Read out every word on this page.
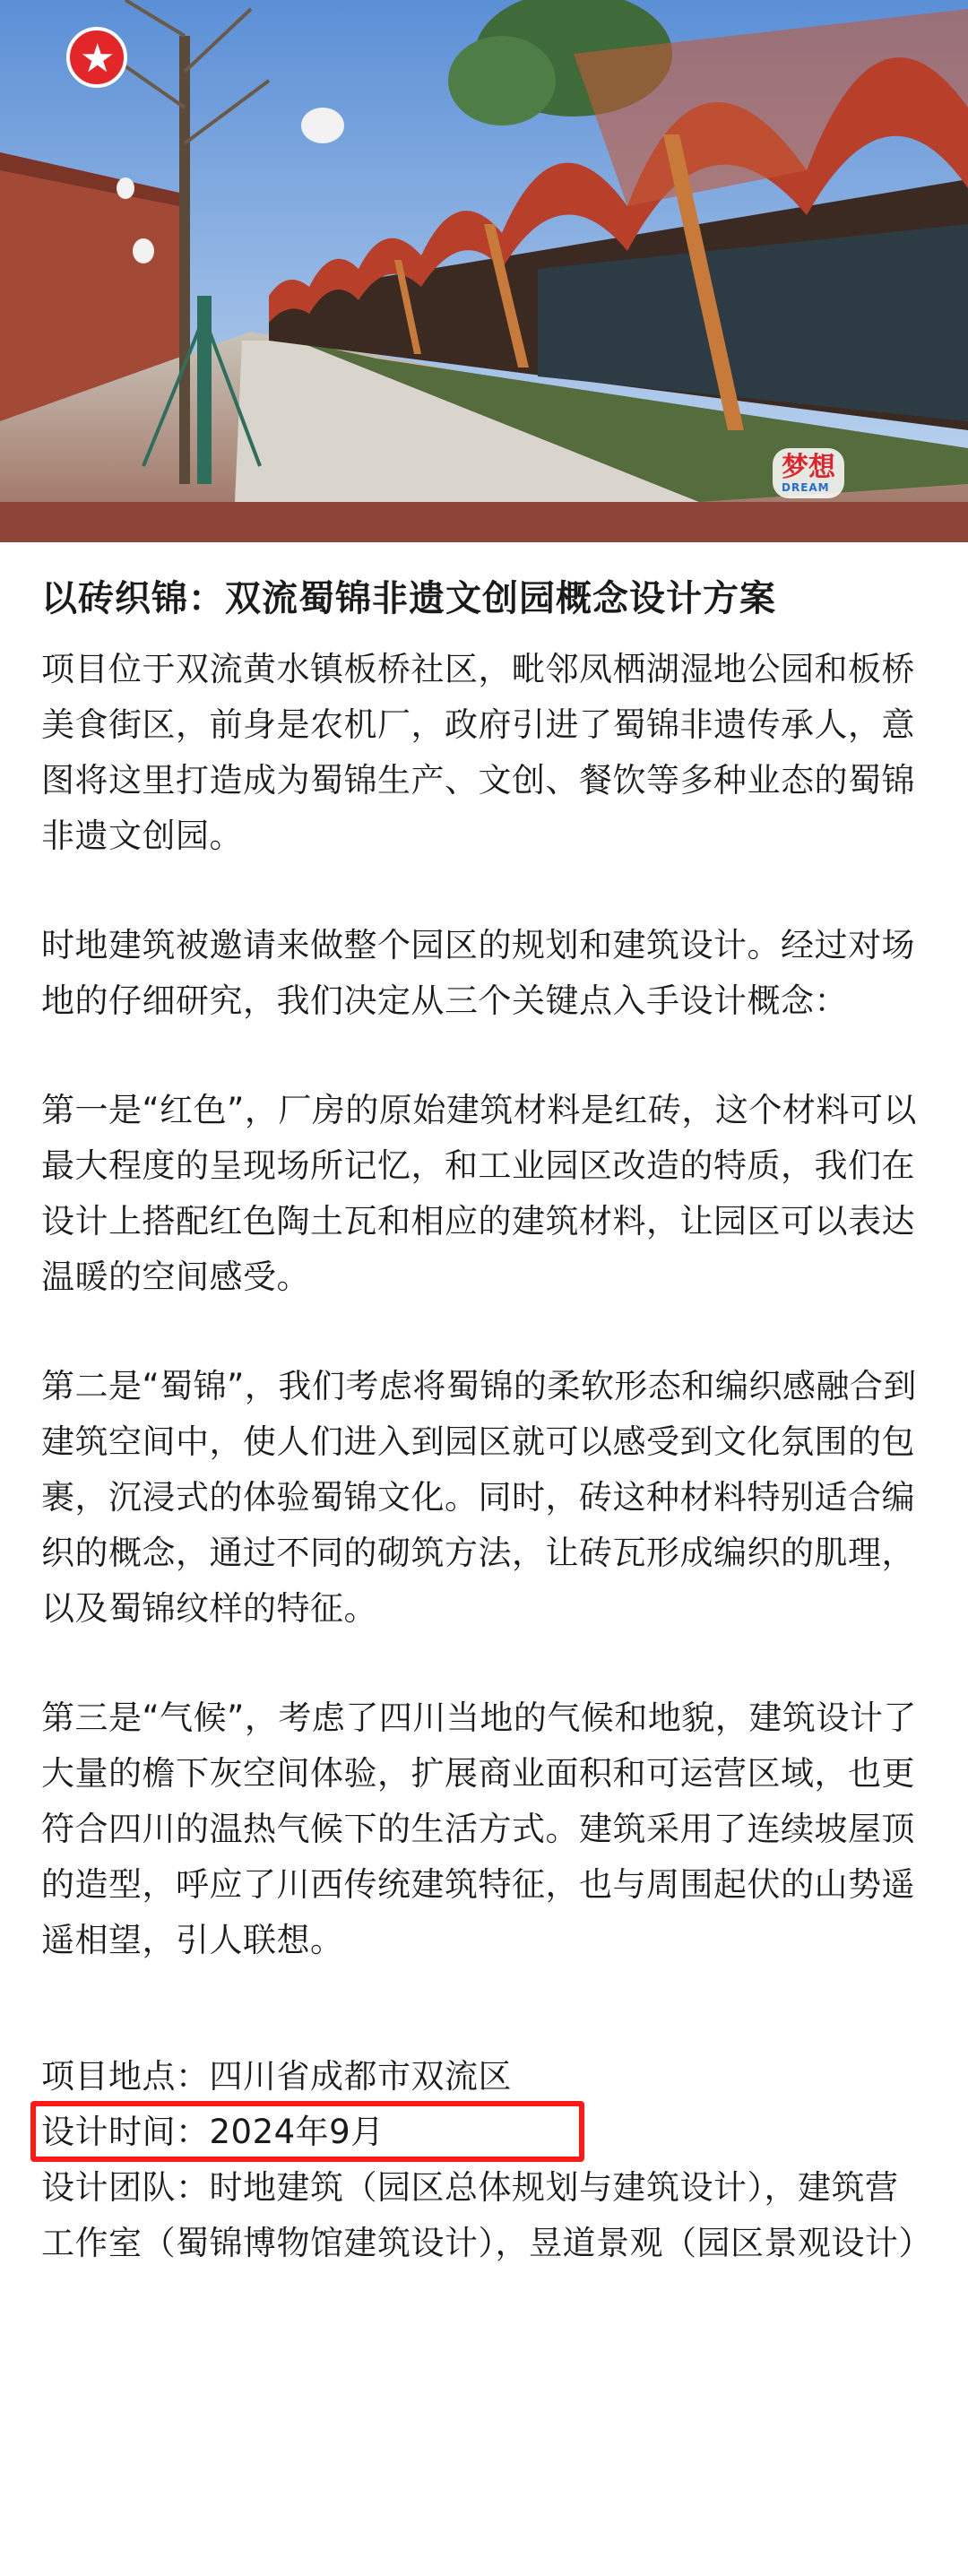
★
梦想
DREAM
以砖织锦：双流蜀锦非遗文创园概念设计方案

项目位于双流黄水镇板桥社区，毗邻凤栖湖湿地公园和板桥美食街区，前身是农机厂，政府引进了蜀锦非遗传承人，意图将这里打造成为蜀锦生产、文创、餐饮等多种业态的蜀锦非遗文创园。

时地建筑被邀请来做整个园区的规划和建筑设计。经过对场地的仔细研究，我们决定从三个关键点入手设计概念：

第一是“红色”，厂房的原始建筑材料是红砖，这个材料可以最大程度的呈现场所记忆，和工业园区改造的特质，我们在设计上搭配红色陶土瓦和相应的建筑材料，让园区可以表达温暖的空间感受。

第二是“蜀锦”，我们考虑将蜀锦的柔软形态和编织感融合到建筑空间中，使人们进入到园区就可以感受到文化氛围的包裹，沉浸式的体验蜀锦文化。同时，砖这种材料特别适合编织的概念，通过不同的砌筑方法，让砖瓦形成编织的肌理，以及蜀锦纹样的特征。

第三是“气候”，考虑了四川当地的气候和地貌，建筑设计了大量的檐下灰空间体验，扩展商业面积和可运营区域，也更符合四川的温热气候下的生活方式。建筑采用了连续坡屋顶的造型，呼应了川西传统建筑特征，也与周围起伏的山势遥遥相望，引人联想。

项目地点：四川省成都市双流区
设计时间：2024年9月
设计团队：时地建筑（园区总体规划与建筑设计），建筑营工作室（蜀锦博物馆建筑设计），昱道景观（园区景观设计）
